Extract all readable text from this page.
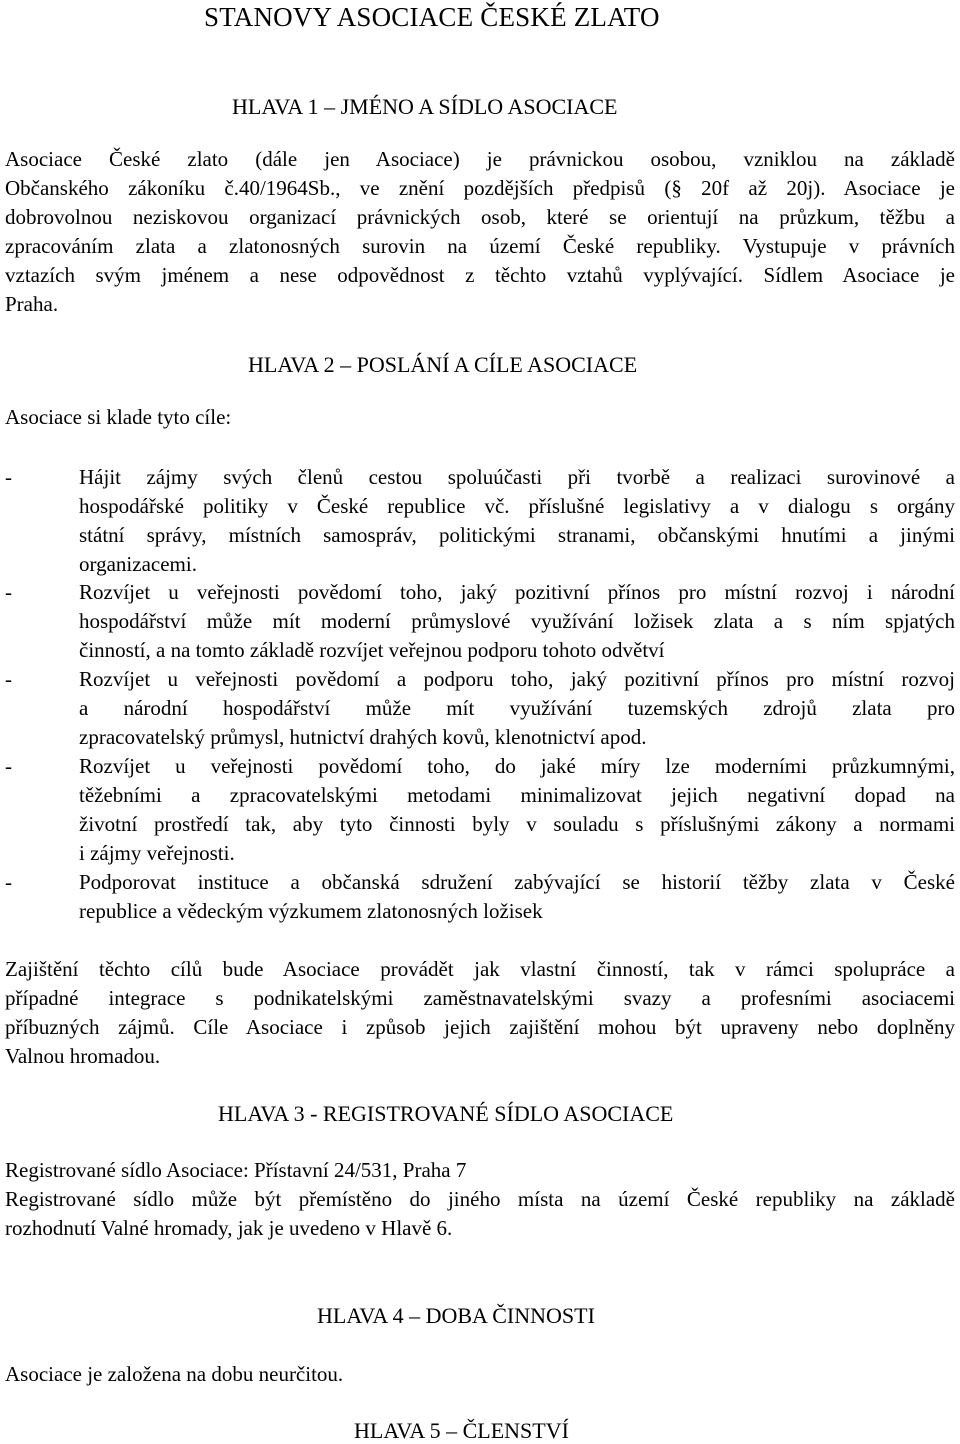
STANOVY ASOCIACE ČESKÉ ZLATO
HLAVA 1 – JMÉNO A SÍDLO ASOCIACE
Asociace České zlato (dále jen Asociace) je právnickou osobou, vzniklou na základě
Občanského zákoníku č.40/1964Sb., ve znění pozdějších předpisů (§ 20f až 20j). Asociace je
dobrovolnou neziskovou organizací právnických osob, které se orientují na průzkum, těžbu a
zpracováním zlata a zlatonosných surovin na území České republiky. Vystupuje v právních
vztazích svým jménem a nese odpovědnost z těchto vztahů vyplývající. Sídlem Asociace je
Praha.
HLAVA 2 – POSLÁNÍ A CÍLE ASOCIACE
Asociace si klade tyto cíle:
-	Hájit zájmy svých členů cestou spoluúčasti při tvorbě a realizaci surovinové a
hospodářské politiky v České republice vč. příslušné legislativy a v dialogu s orgány
státní správy, místních samospráv, politickými stranami, občanskými hnutími a jinými
organizacemi.
-	Rozvíjet u veřejnosti povědomí toho, jaký pozitivní přínos pro místní rozvoj i národní
hospodářství může mít moderní průmyslové využívání ložisek zlata a s ním spjatých
činností, a na tomto základě rozvíjet veřejnou podporu tohoto odvětví
-	Rozvíjet u veřejnosti povědomí a podporu toho, jaký pozitivní přínos pro místní rozvoj
a národní hospodářství může mít využívání tuzemských zdrojů zlata pro
zpracovatelský průmysl, hutnictví drahých kovů, klenotnictví apod.
-	Rozvíjet u veřejnosti povědomí toho, do jaké míry lze moderními průzkumnými,
těžebními a zpracovatelskými metodami minimalizovat jejich negativní dopad na
životní prostředí tak, aby tyto činnosti byly v souladu s příslušnými zákony a normami
i zájmy veřejnosti.
-	Podporovat instituce a občanská sdružení zabývající se historií těžby zlata v České
republice a vědeckým výzkumem zlatonosných ložisek
Zajištění těchto cílů bude Asociace provádět jak vlastní činností, tak v rámci spolupráce a
případné integrace s podnikatelskými zaměstnavatelskými svazy a profesními asociacemi
příbuzných zájmů. Cíle Asociace i způsob jejich zajištění mohou být upraveny nebo doplněny
Valnou hromadou.
HLAVA 3 - REGISTROVANÉ SÍDLO ASOCIACE
Registrované sídlo Asociace: Přístavní 24/531, Praha 7
Registrované sídlo může být přemístěno do jiného místa na území České republiky na základě
rozhodnutí Valné hromady, jak je uvedeno v Hlavě 6.
HLAVA 4 – DOBA ČINNOSTI
Asociace je založena na dobu neurčitou.
HLAVA 5 – ČLENSTVÍ
